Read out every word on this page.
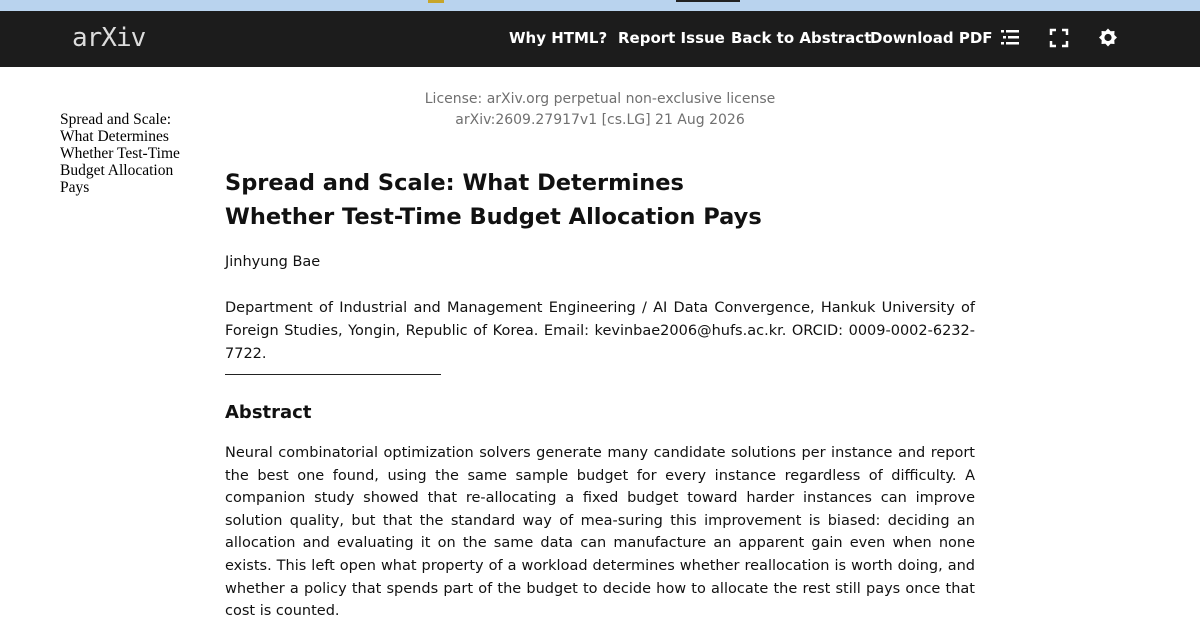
arXiv	Why HTML? Report Issue Back to Abstract
Download PDF
Spread and Scale: What Determines Whether Test-Time Budget Allocation Pays
License: arXiv.org perpetual non-exclusive license
arXiv:2609.27917v1 [cs.LG] 21 Aug 2026
Spread and Scale: What Determines
Whether Test-Time Budget Allocation Pays
Jinhyung Bae
Department of Industrial and Management Engineering / AI Data Convergence, Hankuk University of Foreign Studies, Yongin, Republic of Korea. Email: kevinbae2006@hufs.ac.kr. ORCID: 0009-0002-6232-7722.
Abstract
Neural combinatorial optimization solvers generate many candidate solutions per instance and report the best one found, using the same sample budget for every instance regardless of difficulty. A companion study showed that re-allocating a fixed budget toward harder instances can improve solution quality, but that the standard way of mea-suring this improvement is biased: deciding an allocation and evaluating it on the same data can manufacture an apparent gain even when none exists. This left open what property of a workload determines whether reallocation is worth doing, and whether a policy that spends part of the budget to decide how to allocate the rest still pays once that cost is counted.
